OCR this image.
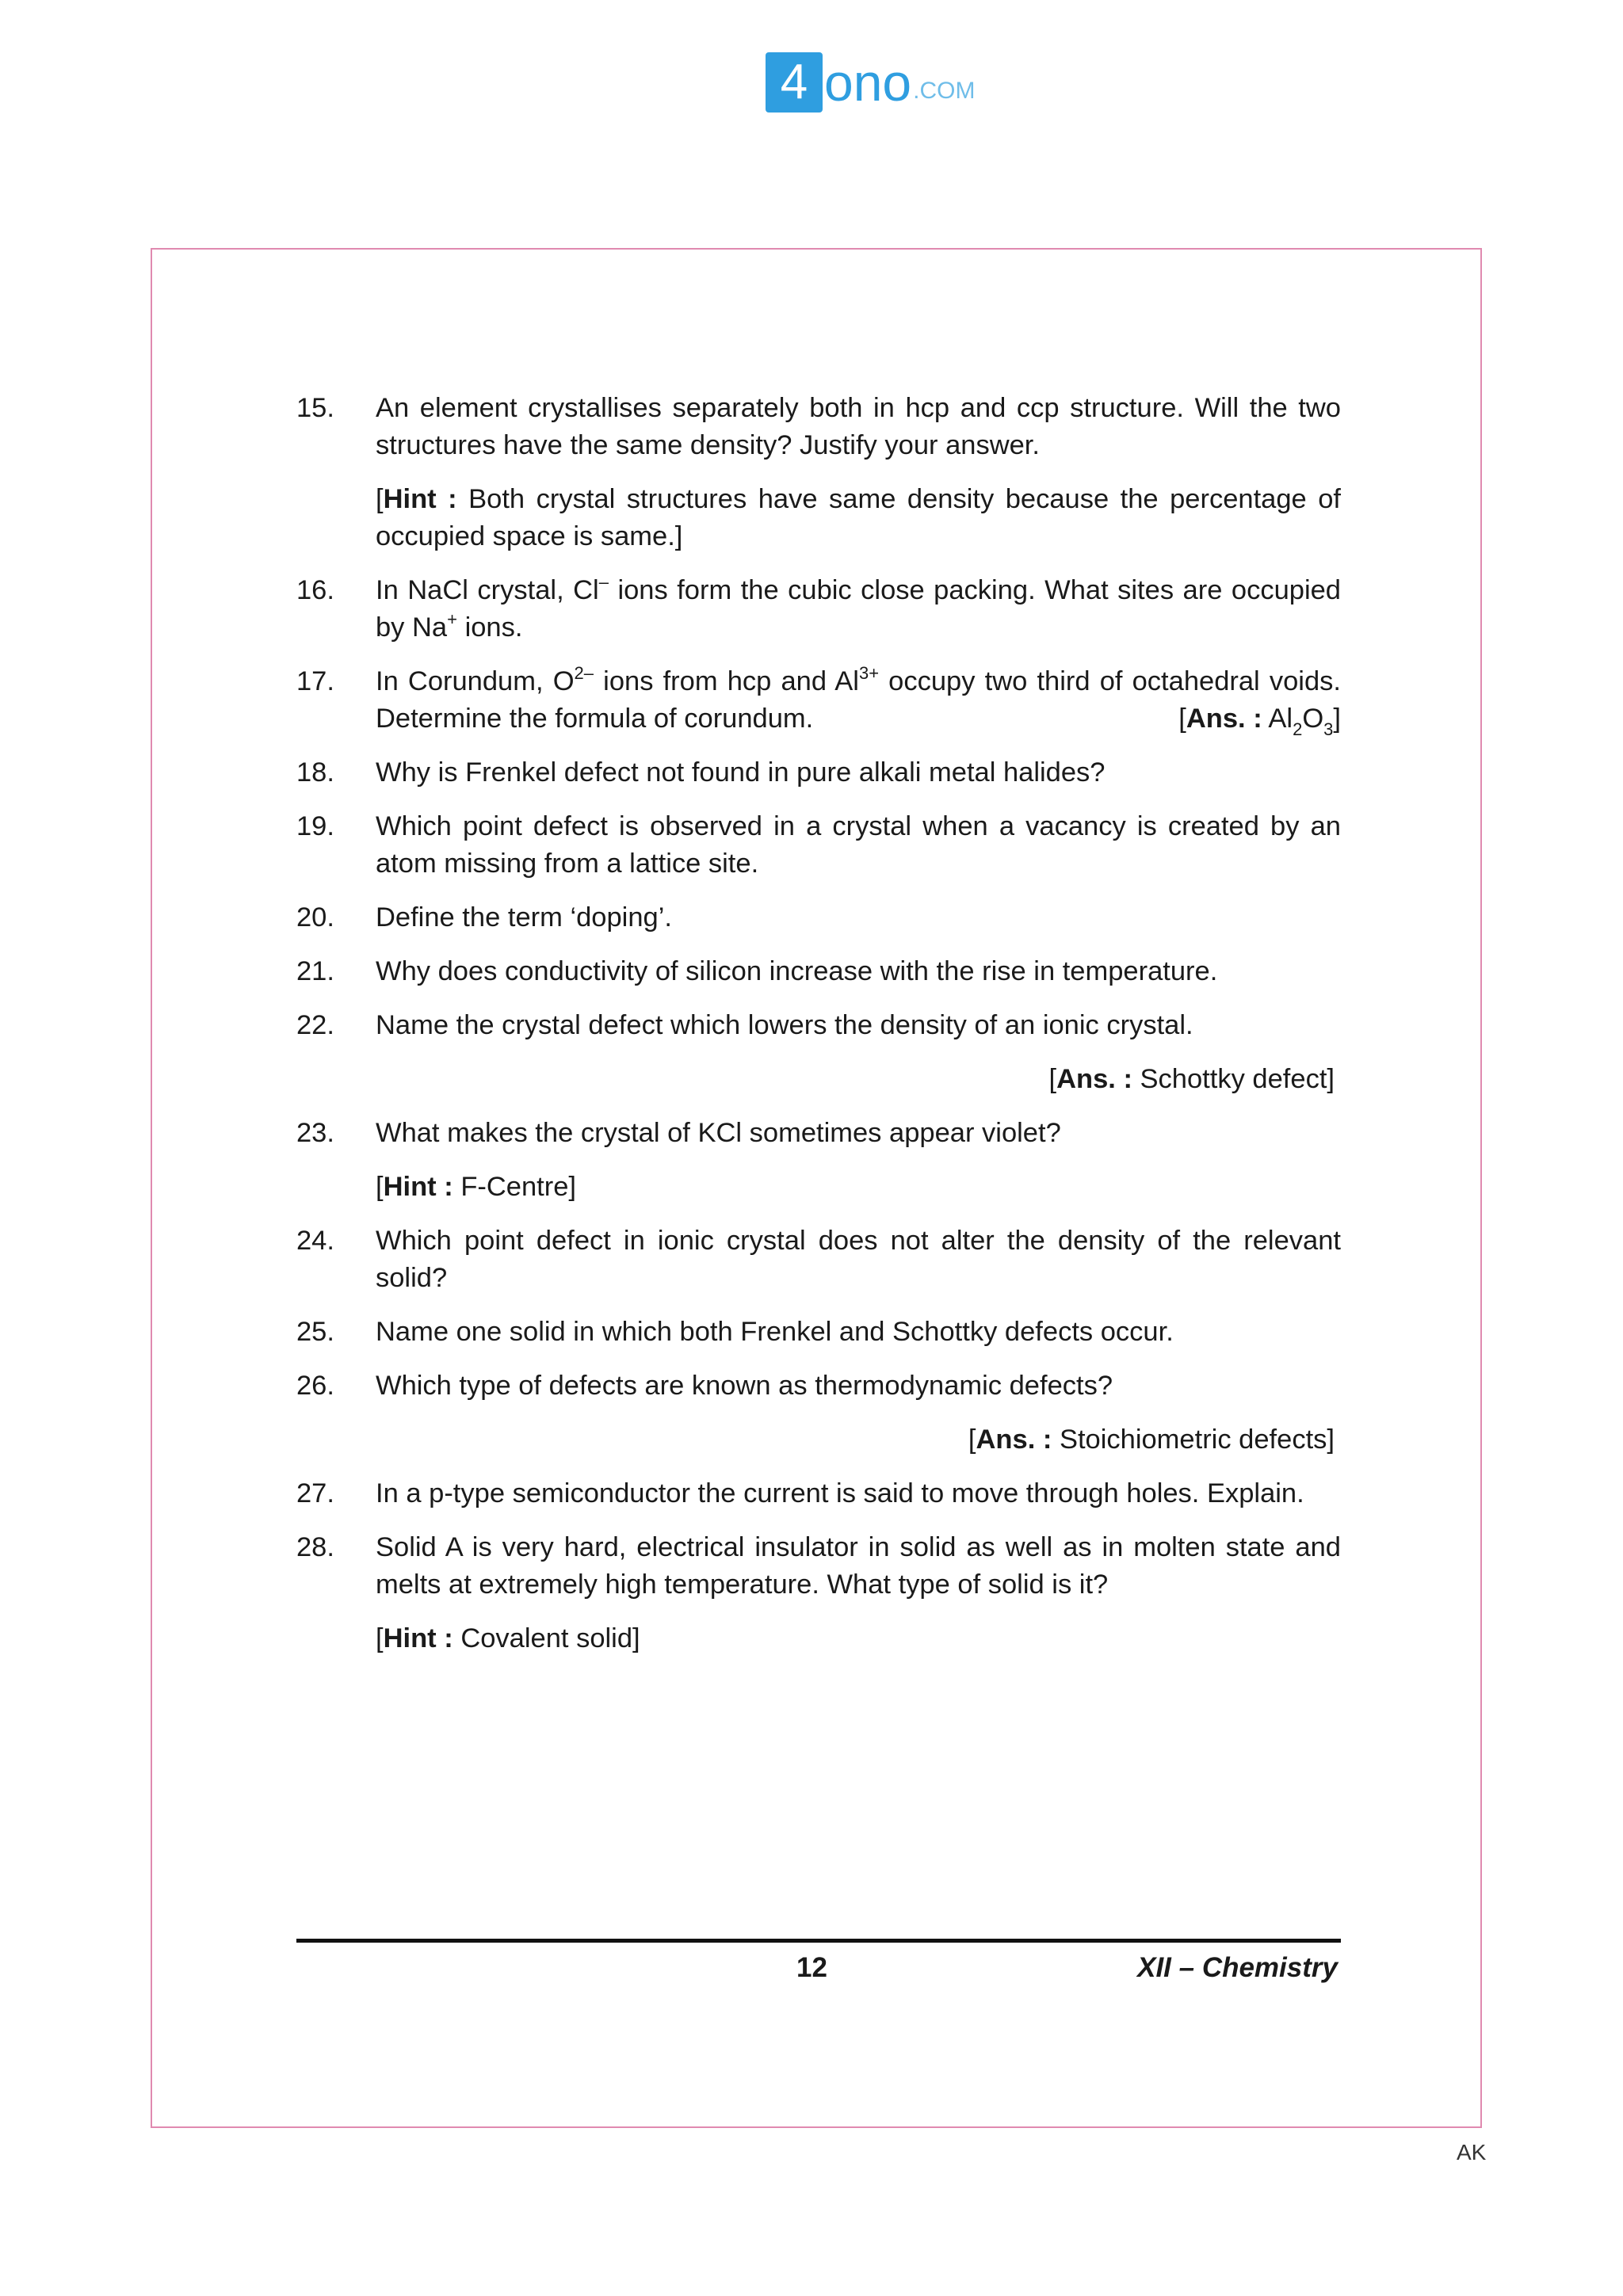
4 ono .COM
15. An element crystallises separately both in hcp and ccp structure. Will the two structures have the same density? Justify your answer.
[Hint : Both crystal structures have same density because the percentage of occupied space is same.]
16. In NaCl crystal, Cl– ions form the cubic close packing. What sites are occupied by Na+ ions.
17. In Corundum, $O^{2-}$ ions from hcp and $Al^{3+}$ occupy two third of octahedral voids. Determine the formula of corundum.	[Ans. : $Al_2O_3$]
18. Why is Frenkel defect not found in pure alkali metal halides?
19. Which point defect is observed in a crystal when a vacancy is created by an atom missing from a lattice site.
20. Define the term ‘doping’.
21. Why does conductivity of silicon increase with the rise in temperature.
22. Name the crystal defect which lowers the density of an ionic crystal.
[Ans. : Schottky defect]
23. What makes the crystal of KCl sometimes appear violet?
[Hint : F-Centre]
24. Which point defect in ionic crystal does not alter the density of the relevant solid?
25. Name one solid in which both Frenkel and Schottky defects occur.
26. Which type of defects are known as thermodynamic defects?
[Ans. : Stoichiometric defects]
27. In a p-type semiconductor the current is said to move through holes. Explain.
28. Solid A is very hard, electrical insulator in solid as well as in molten state and melts at extremely high temperature. What type of solid is it?
[Hint : Covalent solid]
12	XII – Chemistry
AK
